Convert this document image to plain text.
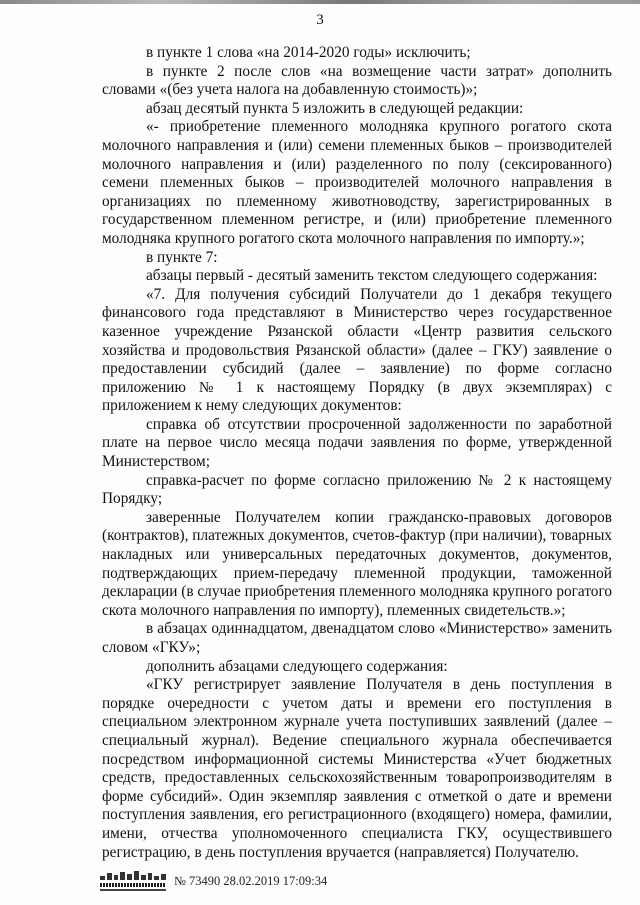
3

в пункте 1 слова «на 2014-2020 годы» исключить;

в пункте 2 после слов «на возмещение части затрат» дополнить словами «(без учета налога на добавленную стоимость)»;

абзац десятый пункта 5 изложить в следующей редакции:

«- приобретение племенного молодняка крупного рогатого скота молочного направления и (или) семени племенных быков – производителей молочного направления и (или) разделенного по полу (сексированного) семени племенных быков – производителей молочного направления в организациях по племенному животноводству, зарегистрированных в государственном племенном регистре, и (или) приобретение племенного молодняка крупного рогатого скота молочного направления по импорту.»;

в пункте 7:

абзацы первый - десятый заменить текстом следующего содержания:

«7. Для получения субсидий Получатели до 1 декабря текущего финансового года представляют в Министерство через государственное казенное учреждение Рязанской области «Центр развития сельского хозяйства и продовольствия Рязанской области» (далее – ГКУ) заявление о предоставлении субсидий (далее – заявление) по форме согласно приложению № 1 к настоящему Порядку (в двух экземплярах) с приложением к нему следующих документов:

справка об отсутствии просроченной задолженности по заработной плате на первое число месяца подачи заявления по форме, утвержденной Министерством;

справка-расчет по форме согласно приложению № 2 к настоящему Порядку;

заверенные Получателем копии гражданско-правовых договоров (контрактов), платежных документов, счетов-фактур (при наличии), товарных накладных или универсальных передаточных документов, документов, подтверждающих прием-передачу племенной продукции, таможенной декларации (в случае приобретения племенного молодняка крупного рогатого скота молочного направления по импорту), племенных свидетельств.»;

в абзацах одиннадцатом, двенадцатом слово «Министерство» заменить словом «ГКУ»;

дополнить абзацами следующего содержания:

«ГКУ регистрирует заявление Получателя в день поступления в порядке очередности с учетом даты и времени его поступления в специальном электронном журнале учета поступивших заявлений (далее – специальный журнал). Ведение специального журнала обеспечивается посредством информационной системы Министерства «Учет бюджетных средств, предоставленных сельскохозяйственным товаропроизводителям в форме субсидий». Один экземпляр заявления с отметкой о дате и времени поступления заявления, его регистрационного (входящего) номера, фамилии, имени, отчества уполномоченного специалиста ГКУ, осуществившего регистрацию, в день поступления вручается (направляется) Получателю.

№ 73490 28.02.2019 17:09:34
